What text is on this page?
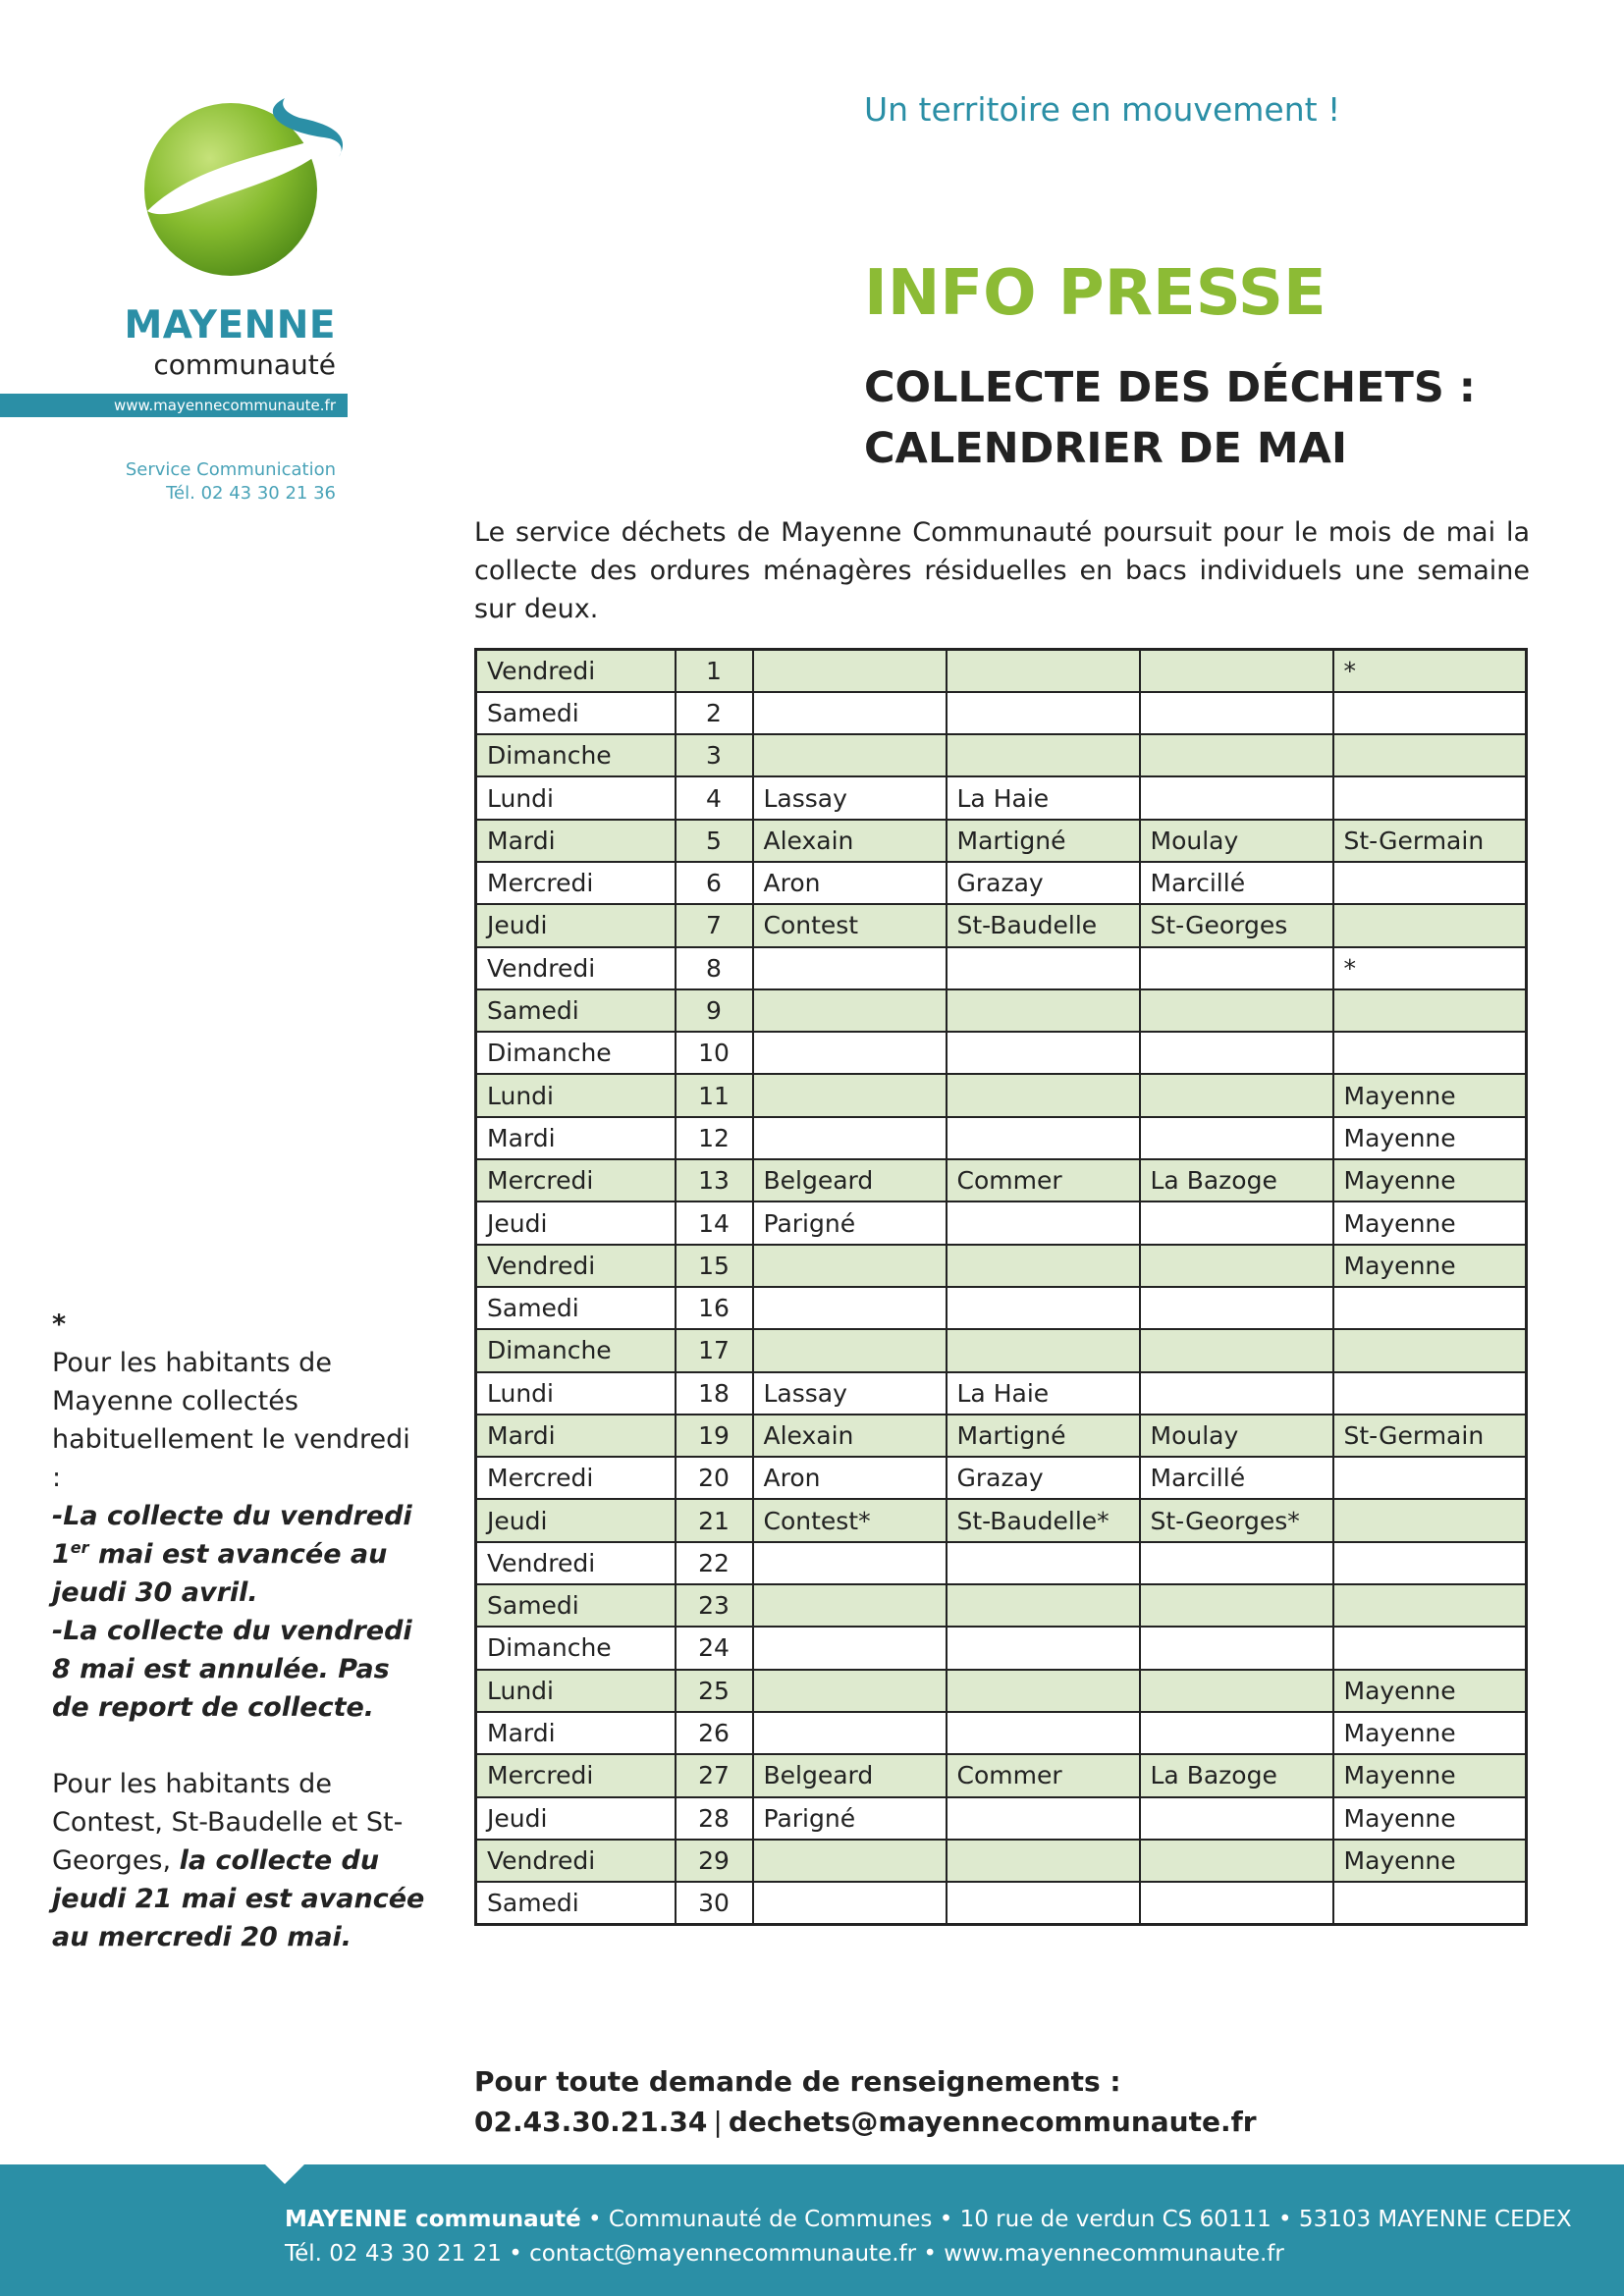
MAYENNE
communauté
www.mayennecommunaute.fr
Service Communication
Tél. 02 43 30 21 36
Un territoire en mouvement !
INFO PRESSE
COLLECTE DES DÉCHETS :
CALENDRIER DE MAI
Le service déchets de Mayenne Communauté poursuit pour le mois de mai la collecte des ordures ménagères résiduelles en bacs individuels une semaine sur deux.
Vendredi	1				*
Samedi	2				
Dimanche	3				
Lundi	4	Lassay	La Haie		
Mardi	5	Alexain	Martigné	Moulay	St-Germain
Mercredi	6	Aron	Grazay	Marcillé	
Jeudi	7	Contest	St-Baudelle	St-Georges	
Vendredi	8				*
Samedi	9				
Dimanche	10				
Lundi	11				Mayenne
Mardi	12				Mayenne
Mercredi	13	Belgeard	Commer	La Bazoge	Mayenne
Jeudi	14	Parigné			Mayenne
Vendredi	15				Mayenne
Samedi	16				
Dimanche	17				
Lundi	18	Lassay	La Haie		
Mardi	19	Alexain	Martigné	Moulay	St-Germain
Mercredi	20	Aron	Grazay	Marcillé	
Jeudi	21	Contest*	St-Baudelle*	St-Georges*	
Vendredi	22				
Samedi	23				
Dimanche	24				
Lundi	25				Mayenne
Mardi	26				Mayenne
Mercredi	27	Belgeard	Commer	La Bazoge	Mayenne
Jeudi	28	Parigné			Mayenne
Vendredi	29				Mayenne
Samedi	30				
*
Pour les habitants de Mayenne collectés habituellement le vendredi :
-La collecte du vendredi 1er mai est avancée au jeudi 30 avril.
-La collecte du vendredi 8 mai est annulée. Pas de report de collecte.
Pour les habitants de Contest, St-Baudelle et St-Georges, la collecte du jeudi 21 mai est avancée au mercredi 20 mai.
Pour toute demande de renseignements :
02.43.30.21.34 | dechets@mayennecommunaute.fr
MAYENNE communauté • Communauté de Communes • 10 rue de verdun CS 60111 • 53103 MAYENNE CEDEX
Tél. 02 43 30 21 21 • contact@mayennecommunaute.fr • www.mayennecommunaute.fr
